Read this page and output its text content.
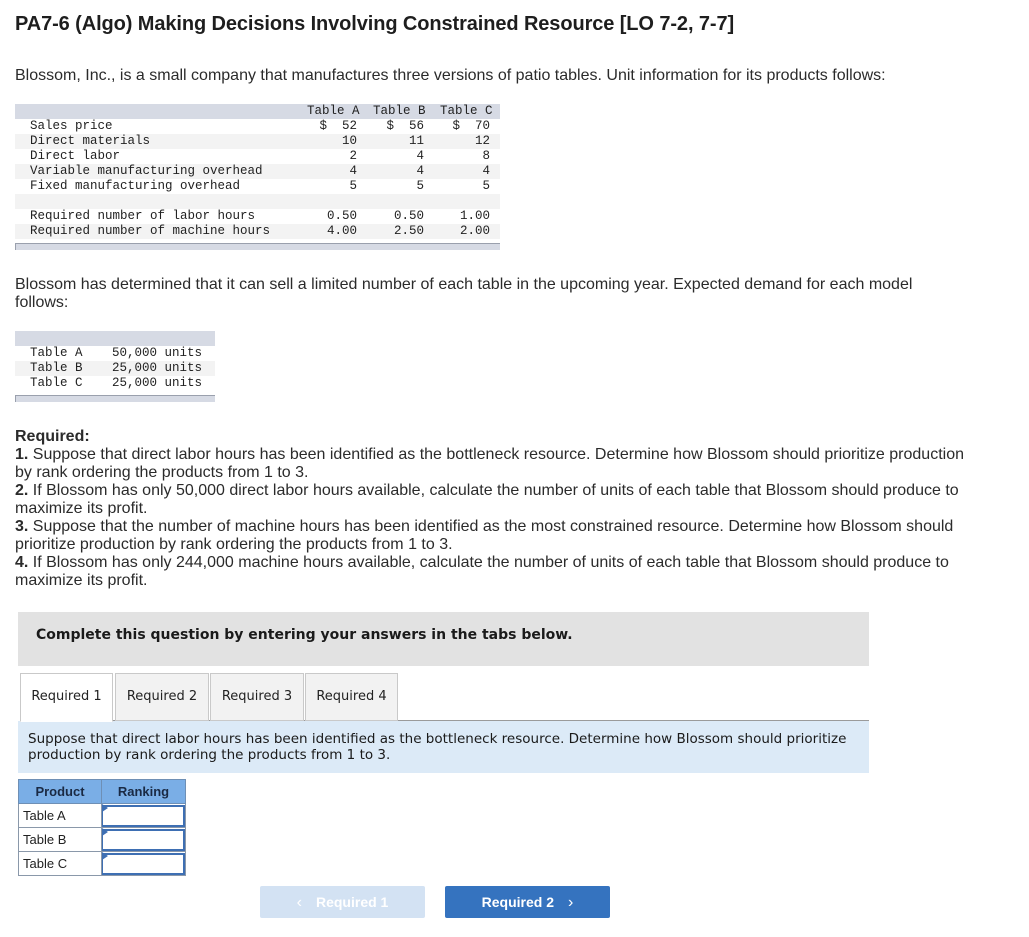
PA7-6 (Algo) Making Decisions Involving Constrained Resource [LO 7-2, 7-7]
Blossom, Inc., is a small company that manufactures three versions of patio tables. Unit information for its products follows:
Table A Table B Table C
Sales price	$  52 $  56 $  70
Direct materials	10	11	12
Direct labor	2	4	8
Variable manufacturing overhead	4	4	4
Fixed manufacturing overhead	5	5	5
Required number of labor hours	0.50	0.50	1.00
Required number of machine hours	4.00	2.50	2.00
Blossom has determined that it can sell a limited number of each table in the upcoming year. Expected demand for each model follows:
Table A 50,000 units
Table B 25,000 units
Table C 25,000 units
Required:
1. Suppose that direct labor hours has been identified as the bottleneck resource. Determine how Blossom should prioritize production by rank ordering the products from 1 to 3.
2. If Blossom has only 50,000 direct labor hours available, calculate the number of units of each table that Blossom should produce to maximize its profit.
3. Suppose that the number of machine hours has been identified as the most constrained resource. Determine how Blossom should prioritize production by rank ordering the products from 1 to 3.
4. If Blossom has only 244,000 machine hours available, calculate the number of units of each table that Blossom should produce to maximize its profit.
Complete this question by entering your answers in the tabs below.
Required 1	Required 2	Required 3	Required 4
Suppose that direct labor hours has been identified as the bottleneck resource. Determine how Blossom should prioritize production by rank ordering the products from 1 to 3.
Product	Ranking
Table A	

Table B	

Table C	
‹ Required 1	Required 2 ›
